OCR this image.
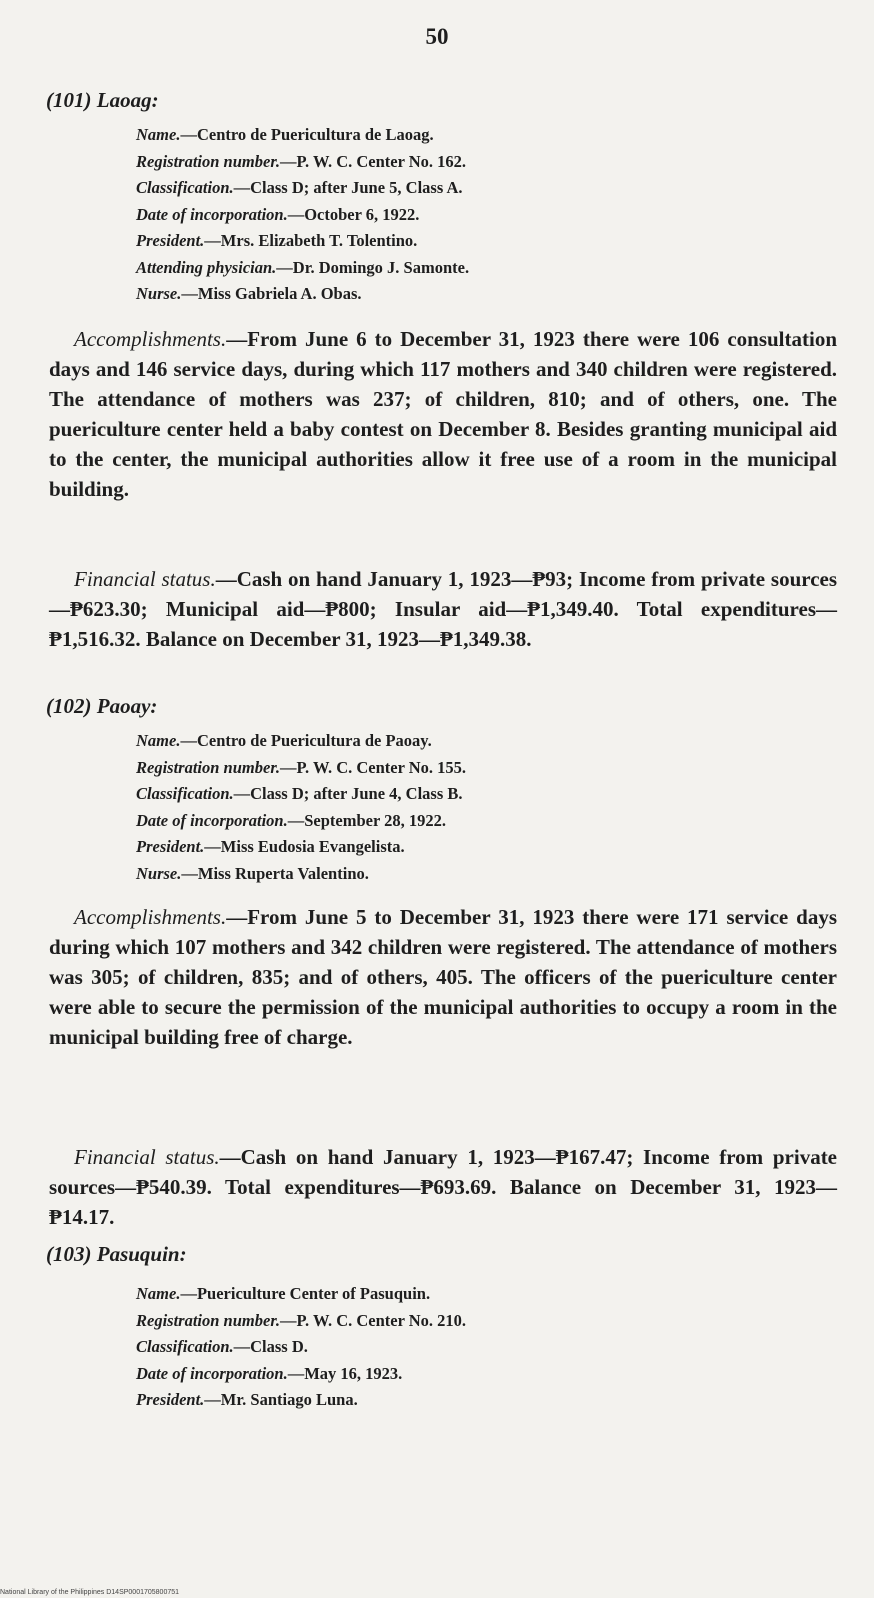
50
(101) Laoag:
Name.—Centro de Puericultura de Laoag.
Registration number.—P. W. C. Center No. 162.
Classification.—Class D; after June 5, Class A.
Date of incorporation.—October 6, 1922.
President.—Mrs. Elizabeth T. Tolentino.
Attending physician.—Dr. Domingo J. Samonte.
Nurse.—Miss Gabriela A. Obas.

Accomplishments.—From June 6 to December 31, 1923 there were 106 consultation days and 146 service days, during which 117 mothers and 340 children were registered. The attendance of mothers was 237; of children, 810; and of others, one. The puericulture center held a baby contest on December 8. Besides granting municipal aid to the center, the municipal authorities allow it free use of a room in the municipal building.

Financial status.—Cash on hand January 1, 1923—₱93; Income from private sources—₱623.30; Municipal aid—₱800; Insular aid—₱1,349.40. Total expenditures—₱1,516.32. Balance on December 31, 1923—₱1,349.38.

(102) Paoay:
Name.—Centro de Puericultura de Paoay.
Registration number.—P. W. C. Center No. 155.
Classification.—Class D; after June 4, Class B.
Date of incorporation.—September 28, 1922.
President.—Miss Eudosia Evangelista.
Nurse.—Miss Ruperta Valentino.

Accomplishments.—From June 5 to December 31, 1923 there were 171 service days during which 107 mothers and 342 children were registered. The attendance of mothers was 305; of children, 835; and of others, 405. The officers of the puericulture center were able to secure the permission of the municipal authorities to occupy a room in the municipal building free of charge.

Financial status.—Cash on hand January 1, 1923—₱167.47; Income from private sources—₱540.39. Total expenditures—₱693.69. Balance on December 31, 1923—₱14.17.

(103) Pasuquin:
Name.—Puericulture Center of Pasuquin.
Registration number.—P. W. C. Center No. 210.
Classification.—Class D.
Date of incorporation.—May 16, 1923.
President.—Mr. Santiago Luna.
National Library of the Philippines D14SP0001705800751
